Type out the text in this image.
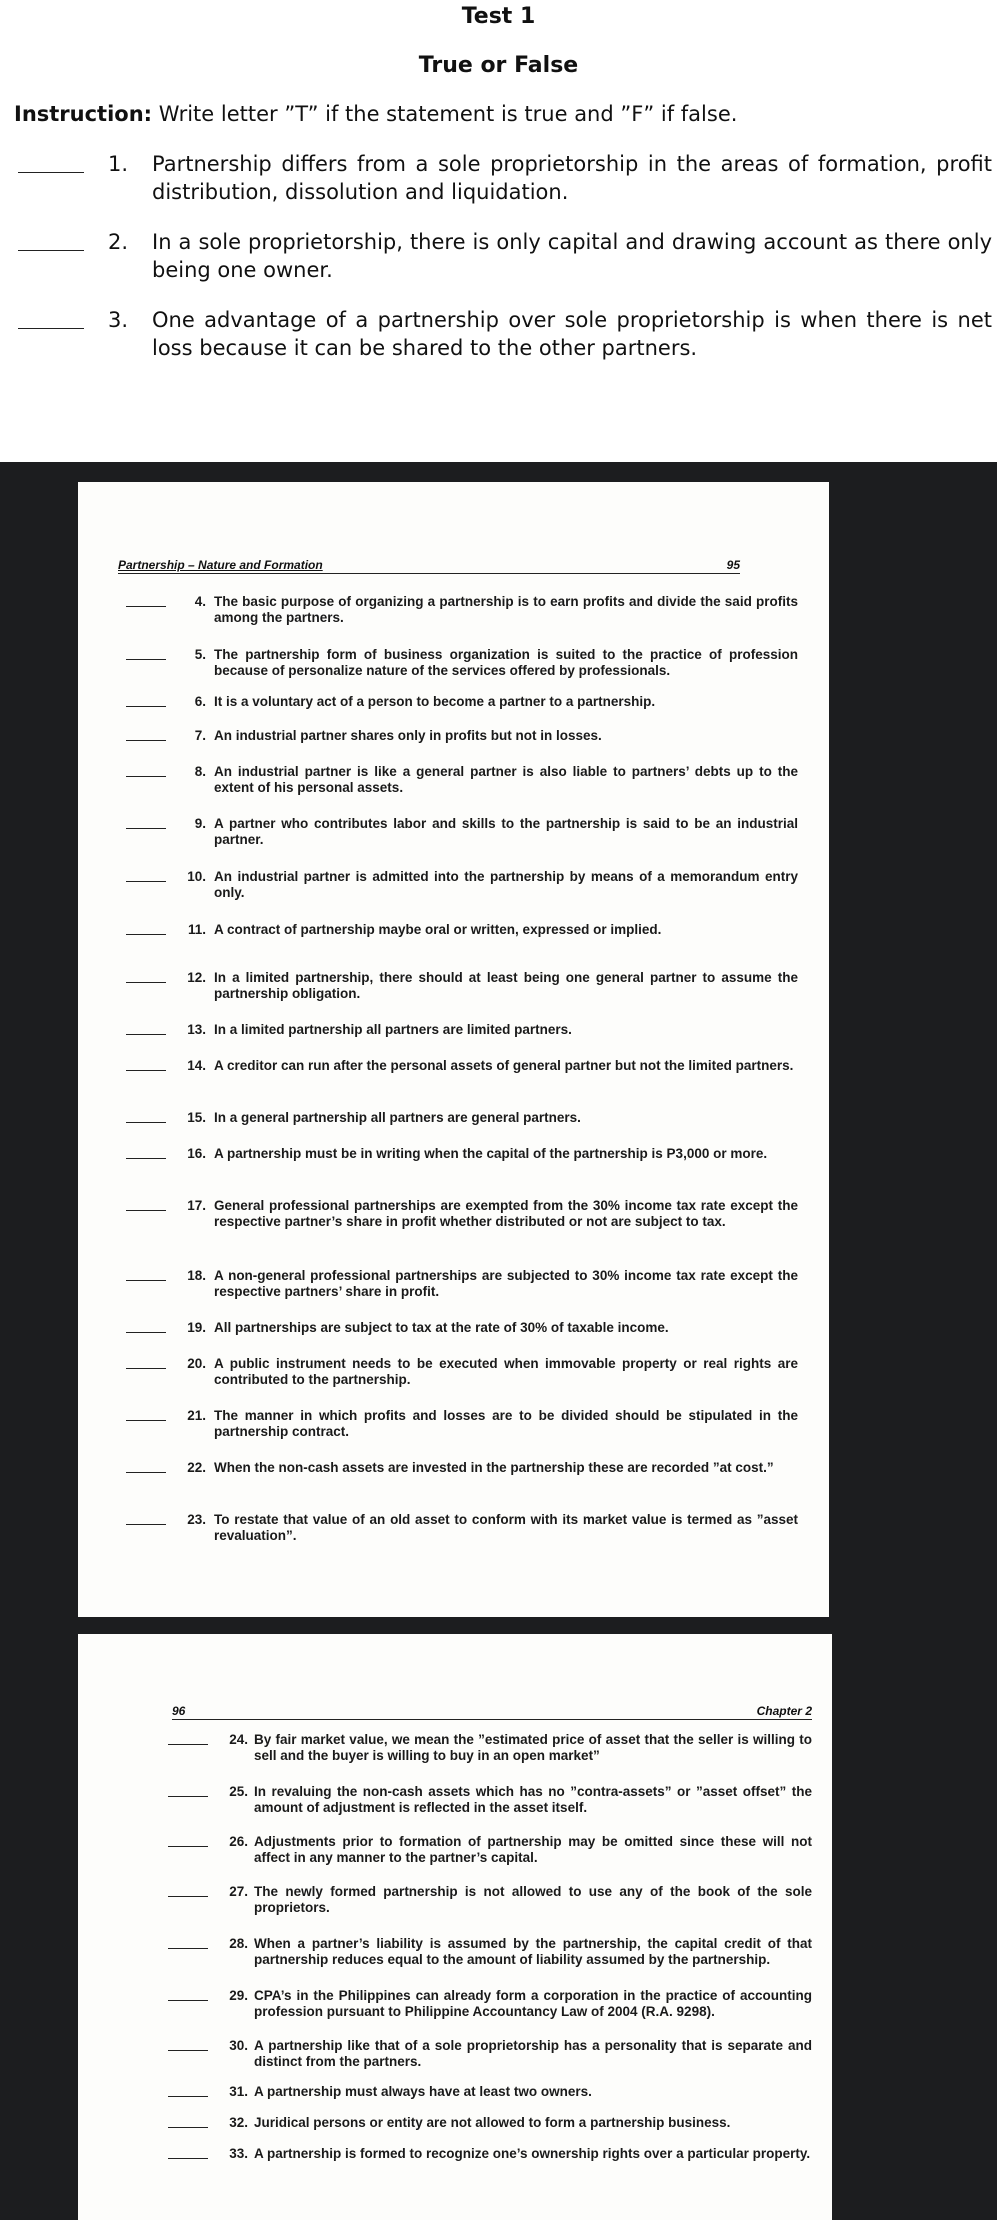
Test 1
True or False
Instruction: Write letter ”T” if the statement is true and ”F” if false.
1. Partnership differs from a sole proprietorship in the areas of formation, profit distribution, dissolution and liquidation.
2. In a sole proprietorship, there is only capital and drawing account as there only being one owner.
3. One advantage of a partnership over sole proprietorship is when there is net loss because it can be shared to the other partners.
Partnership – Nature and Formation	95
4. The basic purpose of organizing a partnership is to earn profits and divide the said profits among the partners.
5. The partnership form of business organization is suited to the practice of profession because of personalize nature of the services offered by professionals.
6. It is a voluntary act of a person to become a partner to a partnership.
7. An industrial partner shares only in profits but not in losses.
8. An industrial partner is like a general partner is also liable to partners’ debts up to the extent of his personal assets.
9. A partner who contributes labor and skills to the partnership is said to be an industrial partner.
10. An industrial partner is admitted into the partnership by means of a memorandum entry only.
11. A contract of partnership maybe oral or written, expressed or implied.
12. In a limited partnership, there should at least being one general partner to assume the partnership obligation.
13. In a limited partnership all partners are limited partners.
14. A creditor can run after the personal assets of general partner but not the limited partners.
15. In a general partnership all partners are general partners.
16. A partnership must be in writing when the capital of the partnership is P3,000 or more.
17. General professional partnerships are exempted from the 30% income tax rate except the respective partner’s share in profit whether distributed or not are subject to tax.
18. A non-general professional partnerships are subjected to 30% income tax rate except the respective partners’ share in profit.
19. All partnerships are subject to tax at the rate of 30% of taxable income.
20. A public instrument needs to be executed when immovable property or real rights are contributed to the partnership.
21. The manner in which profits and losses are to be divided should be stipulated in the partnership contract.
22. When the non-cash assets are invested in the partnership these are recorded ”at cost.”
23. To restate that value of an old asset to conform with its market value is termed as ”asset revaluation”.
96	Chapter 2
24. By fair market value, we mean the ”estimated price of asset that the seller is willing to sell and the buyer is willing to buy in an open market”
25. In revaluing the non-cash assets which has no ”contra-assets” or ”asset offset” the amount of adjustment is reflected in the asset itself.
26. Adjustments prior to formation of partnership may be omitted since these will not affect in any manner to the partner’s capital.
27. The newly formed partnership is not allowed to use any of the book of the sole proprietors.
28. When a partner’s liability is assumed by the partnership, the capital credit of that partnership reduces equal to the amount of liability assumed by the partnership.
29. CPA’s in the Philippines can already form a corporation in the practice of accounting profession pursuant to Philippine Accountancy Law of 2004 (R.A. 9298).
30. A partnership like that of a sole proprietorship has a personality that is separate and distinct from the partners.
31. A partnership must always have at least two owners.
32. Juridical persons or entity are not allowed to form a partnership business.
33. A partnership is formed to recognize one’s ownership rights over a particular property.
